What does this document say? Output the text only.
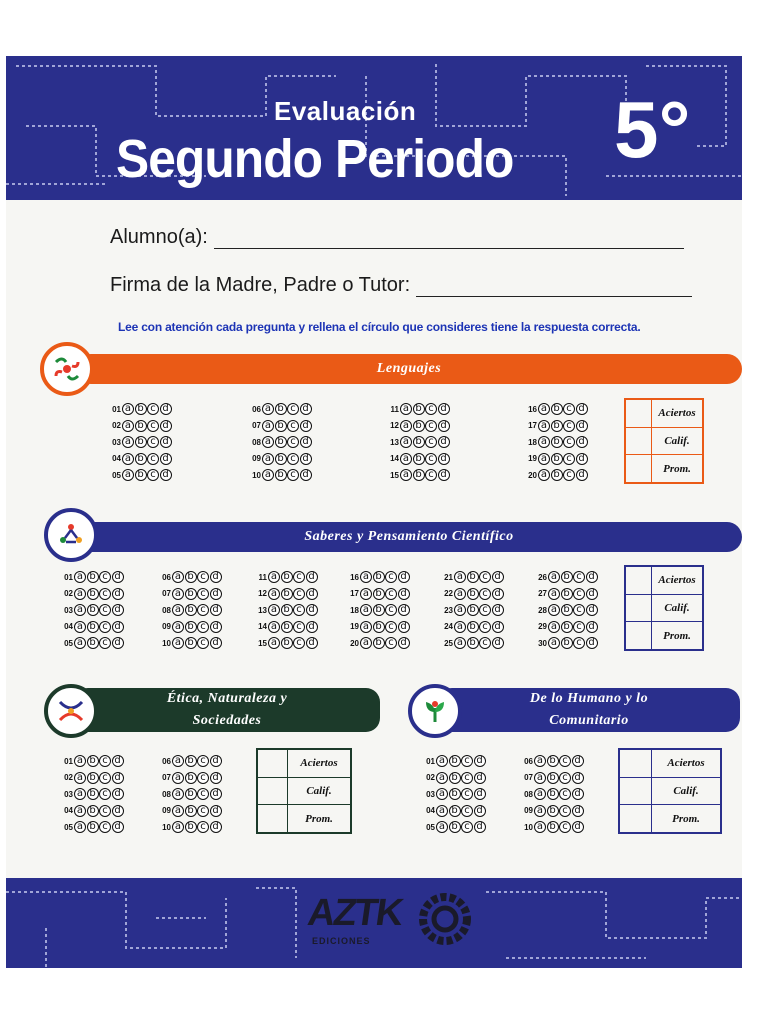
Evaluación
Segundo Periodo 5°
Alumno(a):
Firma de la Madre, Padre o Tutor:
Lee con atención cada pregunta y rellena el círculo que consideres tiene la respuesta correcta.
Lenguajes
01 a b c d
02 a b c d
03 a b c d
04 a b c d
05 a b c d
06 a b c d
07 a b c d
08 a b c d
09 a b c d
10 a b c d
11 a b c d
12 a b c d
13 a b c d
14 a b c d
15 a b c d
16 a b c d
17 a b c d
18 a b c d
19 a b c d
20 a b c d
Aciertos
Calif.
Prom.
Saberes y Pensamiento Científico
01 a b c d
02 a b c d
03 a b c d
04 a b c d
05 a b c d
06 a b c d
07 a b c d
08 a b c d
09 a b c d
10 a b c d
11 a b c d
12 a b c d
13 a b c d
14 a b c d
15 a b c d
16 a b c d
17 a b c d
18 a b c d
19 a b c d
20 a b c d
21 a b c d
22 a b c d
23 a b c d
24 a b c d
25 a b c d
26 a b c d
27 a b c d
28 a b c d
29 a b c d
30 a b c d
Aciertos
Calif.
Prom.
Ética, Naturaleza y
Sociedades
01 a b c d
02 a b c d
03 a b c d
04 a b c d
05 a b c d
06 a b c d
07 a b c d
08 a b c d
09 a b c d
10 a b c d
Aciertos
Calif.
Prom.
De lo Humano y lo
Comunitario
01 a b c d
02 a b c d
03 a b c d
04 a b c d
05 a b c d
06 a b c d
07 a b c d
08 a b c d
09 a b c d
10 a b c d
Aciertos
Calif.
Prom.
AZTK
EDICIONES
